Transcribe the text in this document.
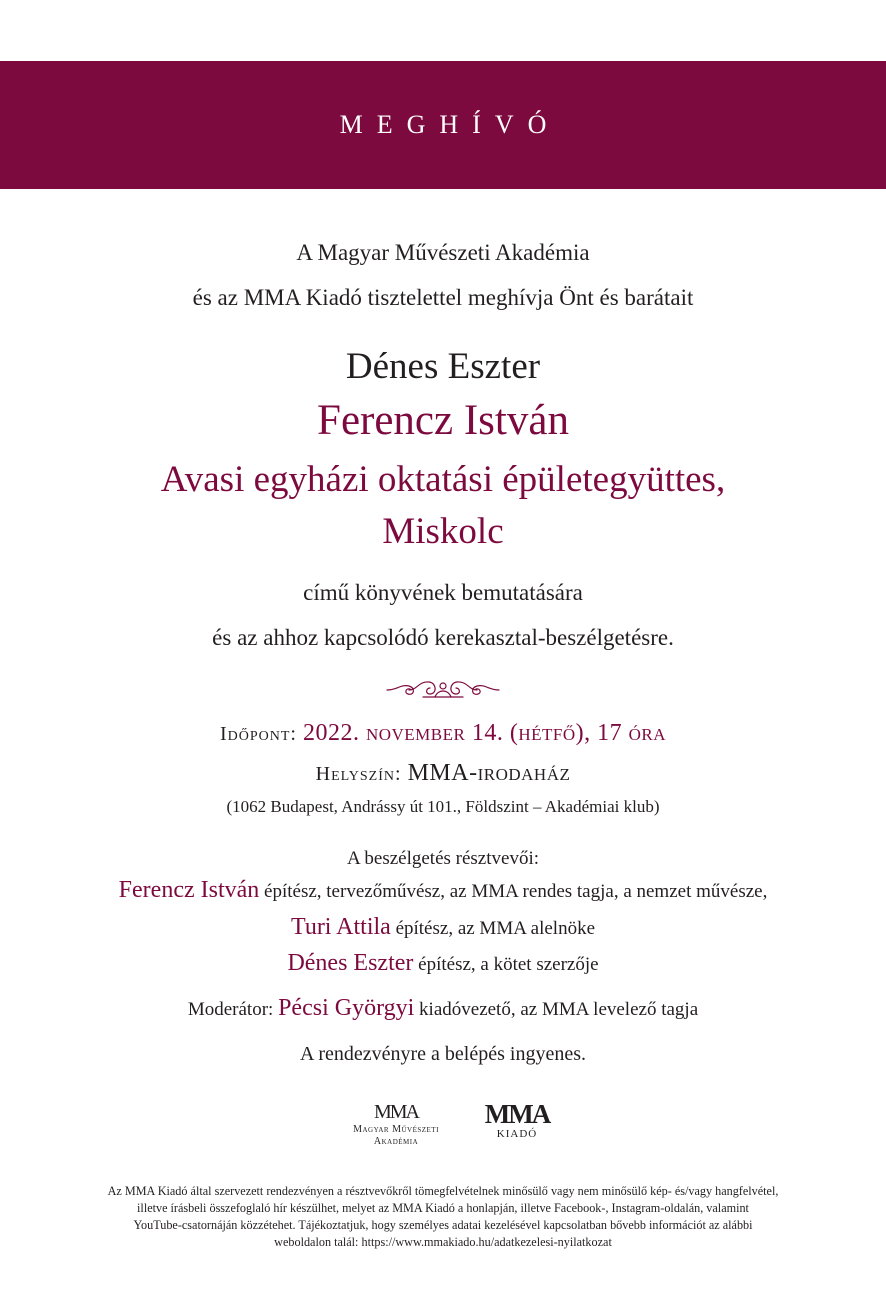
MEGHÍVÓ
A Magyar Művészeti Akadémia
és az MMA Kiadó tisztelettel meghívja Önt és barátait
Dénes Eszter
Ferencz István
Avasi egyházi oktatási épületegyüttes,
Miskolc
című könyvének bemutatására
és az ahhoz kapcsolódó kerekasztal-beszélgetésre.
Időpont: 2022. november 14. (hétfő), 17 óra
Helyszín: MMA-irodaház
(1062 Budapest, Andrássy út 101., Földszint – Akadémiai klub)
A beszélgetés résztvevői:
Ferencz István építész, tervezőművész, az MMA rendes tagja, a nemzet művésze,
Turi Attila építész, az MMA alelnöke
Dénes Eszter építész, a kötet szerzője
Moderátor: Pécsi Györgyi kiadóvezető, az MMA levelező tagja
A rendezvényre a belépés ingyenes.
MMA
Magyar Művészeti
Akadémia
MMA
KIADÓ
Az MMA Kiadó által szervezett rendezvényen a résztvevőkről tömegfelvételnek minősülő vagy nem minősülő kép- és/vagy hangfelvétel,
illetve írásbeli összefoglaló hír készülhet, melyet az MMA Kiadó a honlapján, illetve Facebook-, Instagram-oldalán, valamint
YouTube-csatornáján közzétehet. Tájékoztatjuk, hogy személyes adatai kezelésével kapcsolatban bővebb információt az alábbi
weboldalon talál: https://www.mmakiado.hu/adatkezelesi-nyilatkozat
